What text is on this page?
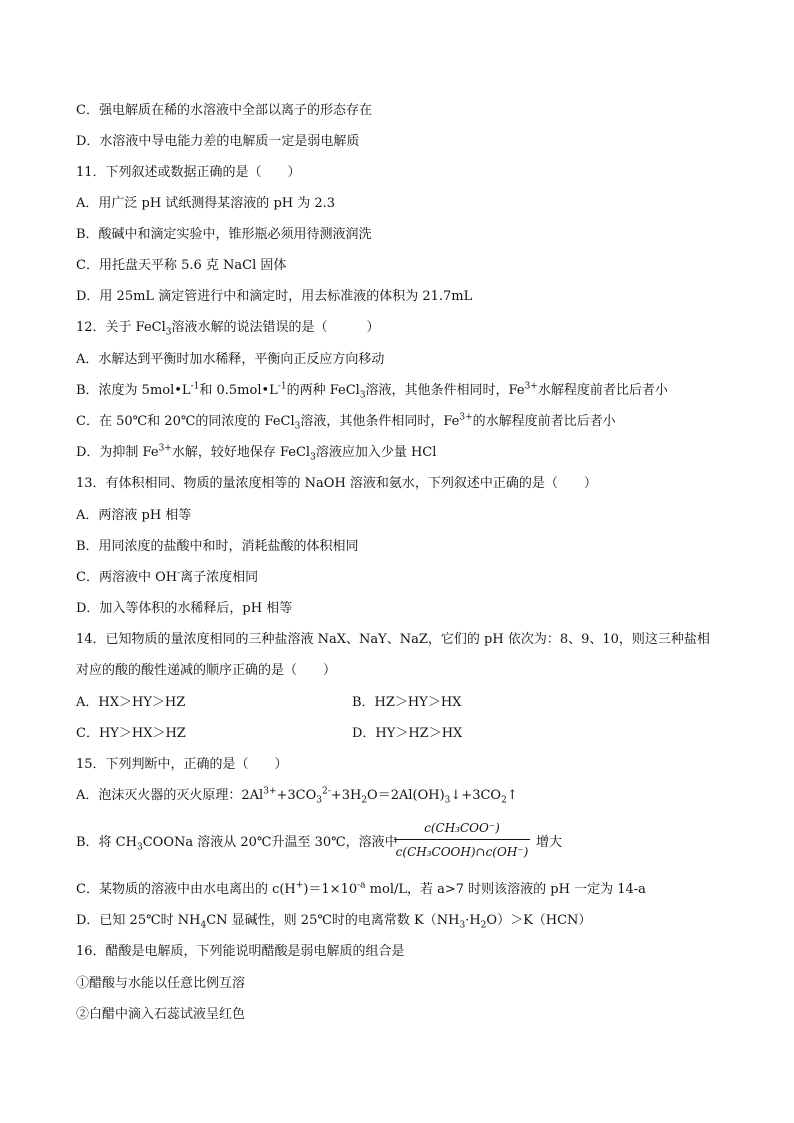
C．强电解质在稀的水溶液中全部以离子的形态存在
D．水溶液中导电能力差的电解质一定是弱电解质
11．下列叙述或数据正确的是（　　）
A．用广泛 pH 试纸测得某溶液的 pH 为 2.3
B．酸碱中和滴定实验中，锥形瓶必须用待测液润洗
C．用托盘天平称 5.6 克 NaCl 固体
D．用 25mL 滴定管进行中和滴定时，用去标准液的体积为 21.7mL
12．关于 FeCl$_3$溶液水解的说法错误的是（　　　）
A．水解达到平衡时加水稀释，平衡向正反应方向移动
B．浓度为 $5mol•L^{-1}$和 $0.5mol•L^{-1}$的两种 FeCl$_3$溶液，其他条件相同时，$Fe^{3+}$水解程度前者比后者小
C．在 50℃和 20℃的同浓度的 FeCl$_3$溶液，其他条件相同时，$Fe^{3+}$的水解程度前者比后者小
D．为抑制 $Fe^{3+}$水解，较好地保存 FeCl$_3$溶液应加入少量 HCl
13．有体积相同、物质的量浓度相等的 NaOH 溶液和氨水，下列叙述中正确的是（　　）
A．两溶液 pH 相等
B．用同浓度的盐酸中和时，消耗盐酸的体积相同
C．两溶液中 OH-离子浓度相同
D．加入等体积的水稀释后，pH 相等
14．已知物质的量浓度相同的三种盐溶液 NaX、NaY、NaZ，它们的 pH 依次为：8、9、10，则这三种盐相
对应的酸的酸性递减的顺序正确的是（　　）
A．HX＞HY＞HZ	B．HZ＞HY＞HX
C．HY＞HX＞HZ	D．HY＞HZ＞HX
15．下列判断中，正确的是（　　）
A．泡沫灭火器的灭火原理：$2Al^{3+}+3CO_3^{2-}+3H_2O=2Al(OH)_3↓+3CO_2↑$
B．将 $CH_3COONa$ 溶液从 20℃升温至 30℃，溶液中
c(CH₃COO⁻)
c(CH₃COOH)∩c(OH⁻)
增大
C．某物质的溶液中由水电离出的 $c(H^+)=1\times 10^{-a}$ mol/L，若 a>7 时则该溶液的 pH 一定为 14-a
D．已知 25℃时 $NH_4CN$ 显碱性，则 25℃时的电离常数 $K(NH_3\cdot H_2O)>K(HCN)$
16．醋酸是电解质，下列能说明醋酸是弱电解质的组合是
①醋酸与水能以任意比例互溶
②白醋中滴入石蕊试液呈红色
